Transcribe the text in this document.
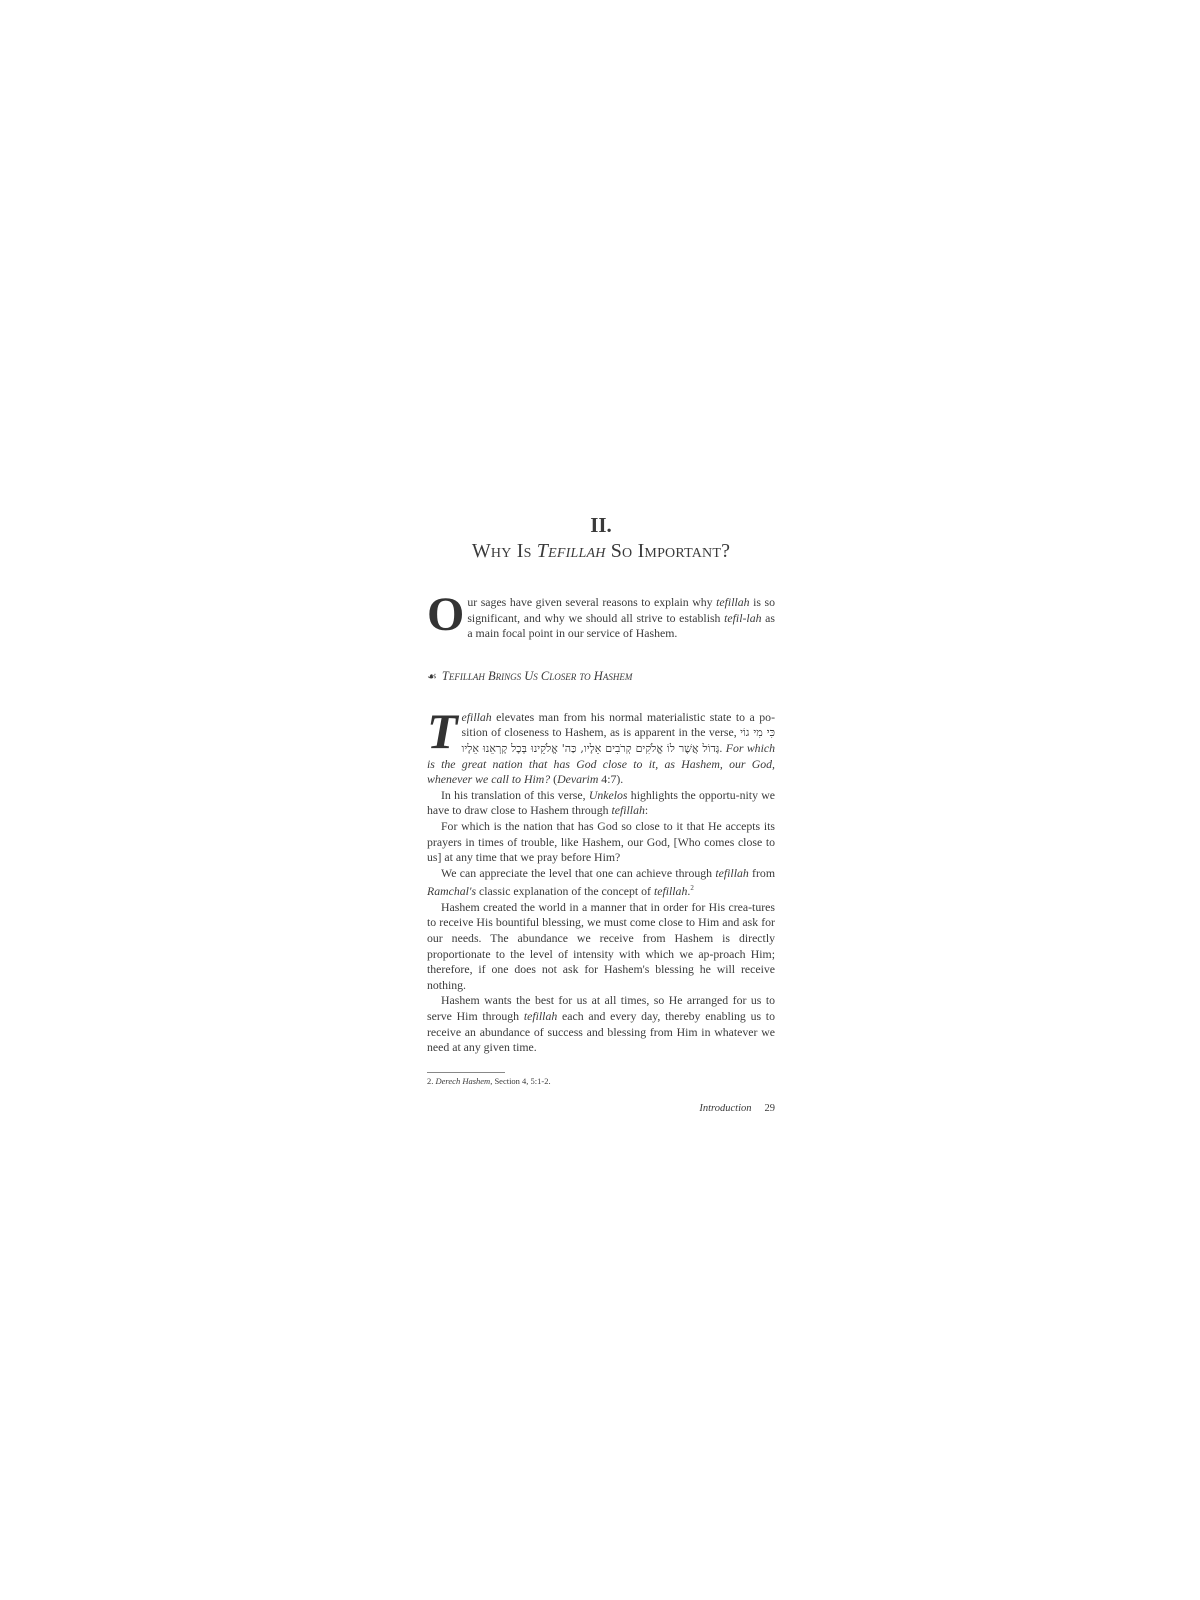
II.
Why Is Tefillah So Important?

Our sages have given several reasons to explain why tefillah is so significant, and why we should all strive to establish tefil-lah as a main focal point in our service of Hashem.

☙ Tefillah Brings Us Closer to Hashem

Tefillah elevates man from his normal materialistic state to a po-sition of closeness to Hashem, as is apparent in the verse, כִּי מִי גוֹי גָּדוֹל אֲשֶׁר לוֹ אֱלֹקִים קְרֹבִים אֵלָיו, כַּה' אֱלֹקֵינוּ בְּכָל קָרְאֵנוּ אֵלָיו. For which is the great nation that has God close to it, as Hashem, our God, whenever we call to Him? (Devarim 4:7).

In his translation of this verse, Unkelos highlights the opportu-nity we have to draw close to Hashem through tefillah:

For which is the nation that has God so close to it that He accepts its prayers in times of trouble, like Hashem, our God, [Who comes close to us] at any time that we pray before Him?

We can appreciate the level that one can achieve through tefillah from Ramchal's classic explanation of the concept of tefillah.$^2$

Hashem created the world in a manner that in order for His crea-tures to receive His bountiful blessing, we must come close to Him and ask for our needs. The abundance we receive from Hashem is directly proportionate to the level of intensity with which we ap-proach Him; therefore, if one does not ask for Hashem's blessing he will receive nothing.

Hashem wants the best for us at all times, so He arranged for us to serve Him through tefillah each and every day, thereby enabling us to receive an abundance of success and blessing from Him in whatever we need at any given time.

2. Derech Hashem, Section 4, 5:1-2.

Introduction 29
